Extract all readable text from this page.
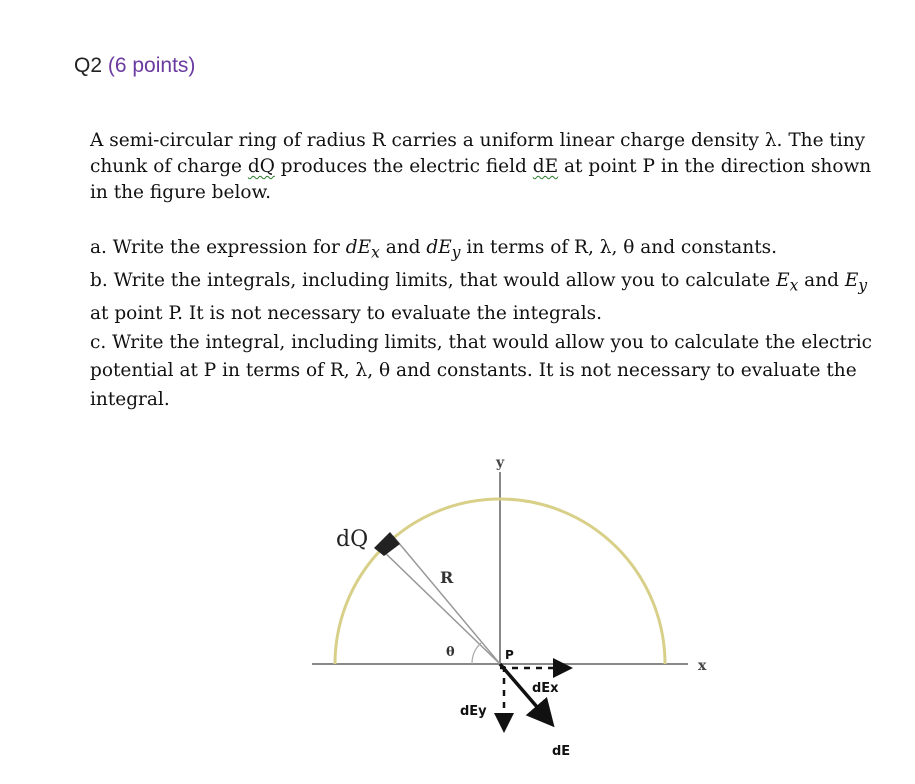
Q2 (6 points)
A semi-circular ring of radius R carries a uniform linear charge density λ. The tiny chunk of charge dQ produces the electric field dE at point P in the direction shown in the figure below.
a. Write the expression for $dE_x$ and $dE_y$ in terms of R, λ, θ and constants.
b. Write the integrals, including limits, that would allow you to calculate $E_x$ and $E_y$ at point P. It is not necessary to evaluate the integrals.
c. Write the integral, including limits, that would allow you to calculate the electric potential at P in terms of R, λ, θ and constants. It is not necessary to evaluate the integral.
y
x
dQ
R
θ	P
dEx
dEy
dE
